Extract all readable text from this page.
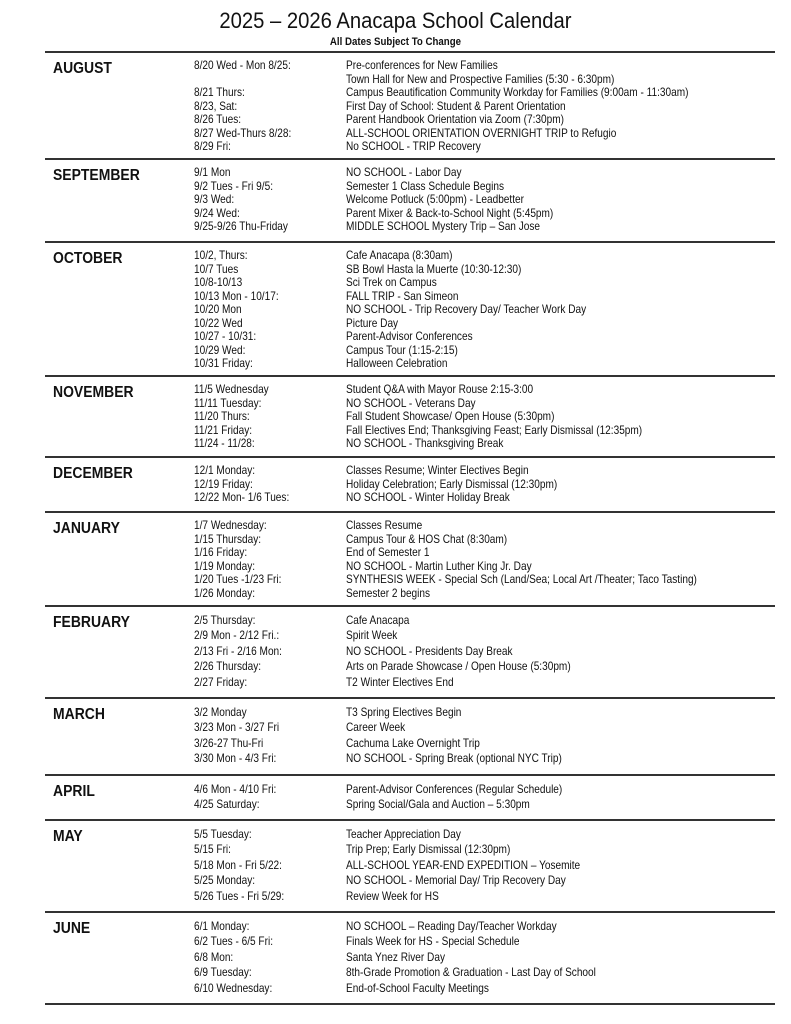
2025 – 2026 Anacapa School Calendar
All Dates Subject To Change
AUGUST	8/20 Wed - Mon 8/25:	Pre-conferences for New Families
Town Hall for New and Prospective Families (5:30 - 6:30pm)
8/21 Thurs:	Campus Beautification Community Workday for Families (9:00am - 11:30am)
8/23, Sat:	First Day of School: Student & Parent Orientation
8/26 Tues:	Parent Handbook Orientation via Zoom (7:30pm)
8/27 Wed-Thurs 8/28:	ALL-SCHOOL ORIENTATION OVERNIGHT TRIP to Refugio
8/29 Fri:	No SCHOOL - TRIP Recovery
SEPTEMBER	9/1 Mon	NO SCHOOL - Labor Day
9/2 Tues - Fri 9/5:	Semester 1 Class Schedule Begins
9/3 Wed:	Welcome Potluck (5:00pm) - Leadbetter
9/24 Wed:	Parent Mixer & Back-to-School Night (5:45pm)
9/25-9/26 Thu-Friday	MIDDLE SCHOOL Mystery Trip – San Jose
OCTOBER	10/2, Thurs:	Cafe Anacapa (8:30am)
10/7 Tues	SB Bowl Hasta la Muerte (10:30-12:30)
10/8-10/13	Sci Trek on Campus
10/13 Mon - 10/17:	FALL TRIP - San Simeon
10/20 Mon	NO SCHOOL - Trip Recovery Day/ Teacher Work Day
10/22 Wed	Picture Day
10/27 - 10/31:	Parent-Advisor Conferences
10/29 Wed:	Campus Tour (1:15-2:15)
10/31 Friday:	Halloween Celebration
NOVEMBER	11/5 Wednesday	Student Q&A with Mayor Rouse 2:15-3:00
11/11 Tuesday:	NO SCHOOL - Veterans Day
11/20 Thurs:	Fall Student Showcase/ Open House (5:30pm)
11/21 Friday:	Fall Electives End; Thanksgiving Feast; Early Dismissal (12:35pm)
11/24 - 11/28:	NO SCHOOL - Thanksgiving Break
DECEMBER	12/1 Monday:	Classes Resume; Winter Electives Begin
12/19 Friday:	Holiday Celebration; Early Dismissal (12:30pm)
12/22 Mon- 1/6 Tues:	NO SCHOOL - Winter Holiday Break
JANUARY	1/7 Wednesday:	Classes Resume
1/15 Thursday:	Campus Tour & HOS Chat (8:30am)
1/16 Friday:	End of Semester 1
1/19 Monday:	NO SCHOOL - Martin Luther King Jr. Day
1/20 Tues -1/23 Fri:	SYNTHESIS WEEK - Special Sch (Land/Sea; Local Art /Theater; Taco Tasting)
1/26 Monday:	Semester 2 begins
FEBRUARY	2/5 Thursday:	Cafe Anacapa
2/9 Mon - 2/12 Fri.:	Spirit Week
2/13 Fri - 2/16 Mon:	NO SCHOOL - Presidents Day Break
2/26 Thursday:	Arts on Parade Showcase / Open House (5:30pm)
2/27 Friday:	T2 Winter Electives End
MARCH	3/2 Monday	T3 Spring Electives Begin
3/23 Mon - 3/27 Fri	Career Week
3/26-27 Thu-Fri	Cachuma Lake Overnight Trip
3/30 Mon - 4/3 Fri:	NO SCHOOL - Spring Break (optional NYC Trip)
APRIL	4/6 Mon - 4/10 Fri:	Parent-Advisor Conferences (Regular Schedule)
4/25 Saturday:	Spring Social/Gala and Auction – 5:30pm
MAY	5/5 Tuesday:	Teacher Appreciation Day
5/15 Fri:	Trip Prep; Early Dismissal (12:30pm)
5/18 Mon - Fri 5/22:	ALL-SCHOOL YEAR-END EXPEDITION – Yosemite
5/25 Monday:	NO SCHOOL - Memorial Day/ Trip Recovery Day
5/26 Tues - Fri 5/29:	Review Week for HS
JUNE	6/1 Monday:	NO SCHOOL – Reading Day/Teacher Workday
6/2 Tues - 6/5 Fri:	Finals Week for HS - Special Schedule
6/8 Mon:	Santa Ynez River Day
6/9 Tuesday:	8th-Grade Promotion & Graduation - Last Day of School
6/10 Wednesday:	End-of-School Faculty Meetings
